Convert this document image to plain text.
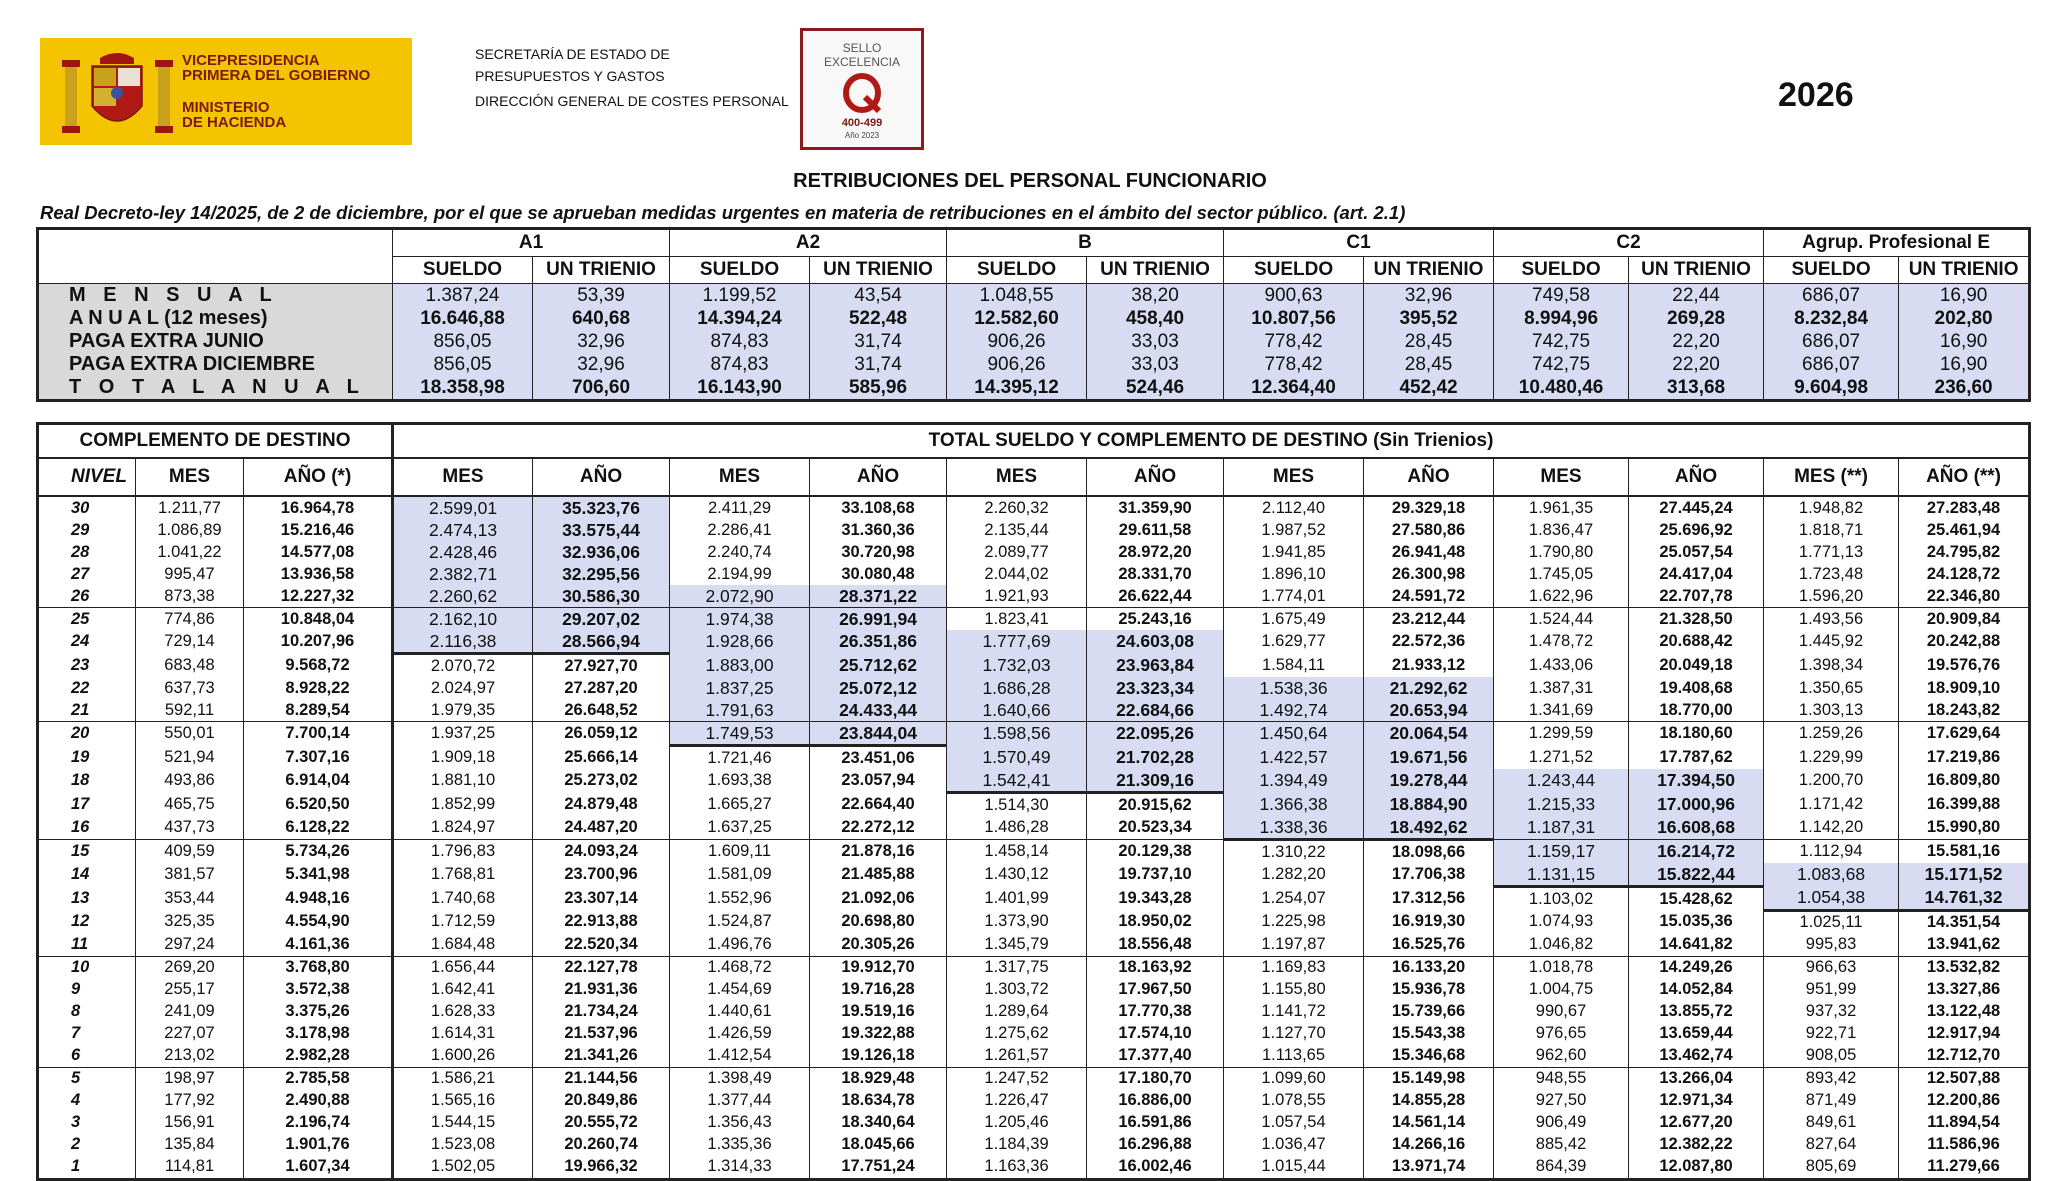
VICEPRESIDENCIA
PRIMERA DEL GOBIERNO
MINISTERIO
DE HACIENDA
SECRETARÍA DE ESTADO DE
PRESUPUESTOS Y GASTOS
DIRECCIÓN GENERAL DE COSTES PERSONAL
SELLO
EXCELENCIA
400-499
Año 2023
2026
RETRIBUCIONES DEL PERSONAL FUNCIONARIO
Real Decreto-ley 14/2025, de 2 de diciembre, por el que se aprueban medidas urgentes en materia de retribuciones en el ámbito del sector público. (art. 2.1)
	A1		A2		B		C1		C2		Agrup. Profesional E	
	SUELDO	UN TRIENIO	SUELDO	UN TRIENIO	SUELDO	UN TRIENIO	SUELDO	UN TRIENIO	SUELDO	UN TRIENIO	SUELDO	UN TRIENIO
M E N S U A L	1.387,24	53,39	1.199,52	43,54	1.048,55	38,20	900,63	32,96	749,58	22,44	686,07	16,90
A N U A L (12 meses)	16.646,88	640,68	14.394,24	522,48	12.582,60	458,40	10.807,56	395,52	8.994,96	269,28	8.232,84	202,80
PAGA EXTRA JUNIO	856,05	32,96	874,83	31,74	906,26	33,03	778,42	28,45	742,75	22,20	686,07	16,90
PAGA EXTRA DICIEMBRE	856,05	32,96	874,83	31,74	906,26	33,03	778,42	28,45	742,75	22,20	686,07	16,90
T O T A L A N U A L	18.358,98	706,60	16.143,90	585,96	14.395,12	524,46	12.364,40	452,42	10.480,46	313,68	9.604,98	236,60
COMPLEMENTO DE DESTINO			TOTAL SUELDO Y COMPLEMENTO DE DESTINO (Sin Trienios)											
NIVEL	MES	AÑO (*)	MES	AÑO	MES	AÑO	MES	AÑO	MES	AÑO	MES	AÑO	MES (**)	AÑO (**)
30	1.211,77	16.964,78	2.599,01	35.323,76	2.411,29	33.108,68	2.260,32	31.359,90	2.112,40	29.329,18	1.961,35	27.445,24	1.948,82	27.283,48
29	1.086,89	15.216,46	2.474,13	33.575,44	2.286,41	31.360,36	2.135,44	29.611,58	1.987,52	27.580,86	1.836,47	25.696,92	1.818,71	25.461,94
28	1.041,22	14.577,08	2.428,46	32.936,06	2.240,74	30.720,98	2.089,77	28.972,20	1.941,85	26.941,48	1.790,80	25.057,54	1.771,13	24.795,82
27	995,47	13.936,58	2.382,71	32.295,56	2.194,99	30.080,48	2.044,02	28.331,70	1.896,10	26.300,98	1.745,05	24.417,04	1.723,48	24.128,72
26	873,38	12.227,32	2.260,62	30.586,30	2.072,90	28.371,22	1.921,93	26.622,44	1.774,01	24.591,72	1.622,96	22.707,78	1.596,20	22.346,80
25	774,86	10.848,04	2.162,10	29.207,02	1.974,38	26.991,94	1.823,41	25.243,16	1.675,49	23.212,44	1.524,44	21.328,50	1.493,56	20.909,84
24	729,14	10.207,96	2.116,38	28.566,94	1.928,66	26.351,86	1.777,69	24.603,08	1.629,77	22.572,36	1.478,72	20.688,42	1.445,92	20.242,88
23	683,48	9.568,72	2.070,72	27.927,70	1.883,00	25.712,62	1.732,03	23.963,84	1.584,11	21.933,12	1.433,06	20.049,18	1.398,34	19.576,76
22	637,73	8.928,22	2.024,97	27.287,20	1.837,25	25.072,12	1.686,28	23.323,34	1.538,36	21.292,62	1.387,31	19.408,68	1.350,65	18.909,10
21	592,11	8.289,54	1.979,35	26.648,52	1.791,63	24.433,44	1.640,66	22.684,66	1.492,74	20.653,94	1.341,69	18.770,00	1.303,13	18.243,82
20	550,01	7.700,14	1.937,25	26.059,12	1.749,53	23.844,04	1.598,56	22.095,26	1.450,64	20.064,54	1.299,59	18.180,60	1.259,26	17.629,64
19	521,94	7.307,16	1.909,18	25.666,14	1.721,46	23.451,06	1.570,49	21.702,28	1.422,57	19.671,56	1.271,52	17.787,62	1.229,99	17.219,86
18	493,86	6.914,04	1.881,10	25.273,02	1.693,38	23.057,94	1.542,41	21.309,16	1.394,49	19.278,44	1.243,44	17.394,50	1.200,70	16.809,80
17	465,75	6.520,50	1.852,99	24.879,48	1.665,27	22.664,40	1.514,30	20.915,62	1.366,38	18.884,90	1.215,33	17.000,96	1.171,42	16.399,88
16	437,73	6.128,22	1.824,97	24.487,20	1.637,25	22.272,12	1.486,28	20.523,34	1.338,36	18.492,62	1.187,31	16.608,68	1.142,20	15.990,80
15	409,59	5.734,26	1.796,83	24.093,24	1.609,11	21.878,16	1.458,14	20.129,38	1.310,22	18.098,66	1.159,17	16.214,72	1.112,94	15.581,16
14	381,57	5.341,98	1.768,81	23.700,96	1.581,09	21.485,88	1.430,12	19.737,10	1.282,20	17.706,38	1.131,15	15.822,44	1.083,68	15.171,52
13	353,44	4.948,16	1.740,68	23.307,14	1.552,96	21.092,06	1.401,99	19.343,28	1.254,07	17.312,56	1.103,02	15.428,62	1.054,38	14.761,32
12	325,35	4.554,90	1.712,59	22.913,88	1.524,87	20.698,80	1.373,90	18.950,02	1.225,98	16.919,30	1.074,93	15.035,36	1.025,11	14.351,54
11	297,24	4.161,36	1.684,48	22.520,34	1.496,76	20.305,26	1.345,79	18.556,48	1.197,87	16.525,76	1.046,82	14.641,82	995,83	13.941,62
10	269,20	3.768,80	1.656,44	22.127,78	1.468,72	19.912,70	1.317,75	18.163,92	1.169,83	16.133,20	1.018,78	14.249,26	966,63	13.532,82
9	255,17	3.572,38	1.642,41	21.931,36	1.454,69	19.716,28	1.303,72	17.967,50	1.155,80	15.936,78	1.004,75	14.052,84	951,99	13.327,86
8	241,09	3.375,26	1.628,33	21.734,24	1.440,61	19.519,16	1.289,64	17.770,38	1.141,72	15.739,66	990,67	13.855,72	937,32	13.122,48
7	227,07	3.178,98	1.614,31	21.537,96	1.426,59	19.322,88	1.275,62	17.574,10	1.127,70	15.543,38	976,65	13.659,44	922,71	12.917,94
6	213,02	2.982,28	1.600,26	21.341,26	1.412,54	19.126,18	1.261,57	17.377,40	1.113,65	15.346,68	962,60	13.462,74	908,05	12.712,70
5	198,97	2.785,58	1.586,21	21.144,56	1.398,49	18.929,48	1.247,52	17.180,70	1.099,60	15.149,98	948,55	13.266,04	893,42	12.507,88
4	177,92	2.490,88	1.565,16	20.849,86	1.377,44	18.634,78	1.226,47	16.886,00	1.078,55	14.855,28	927,50	12.971,34	871,49	12.200,86
3	156,91	2.196,74	1.544,15	20.555,72	1.356,43	18.340,64	1.205,46	16.591,86	1.057,54	14.561,14	906,49	12.677,20	849,61	11.894,54
2	135,84	1.901,76	1.523,08	20.260,74	1.335,36	18.045,66	1.184,39	16.296,88	1.036,47	14.266,16	885,42	12.382,22	827,64	11.586,96
1	114,81	1.607,34	1.502,05	19.966,32	1.314,33	17.751,24	1.163,36	16.002,46	1.015,44	13.971,74	864,39	12.087,80	805,69	11.279,66
